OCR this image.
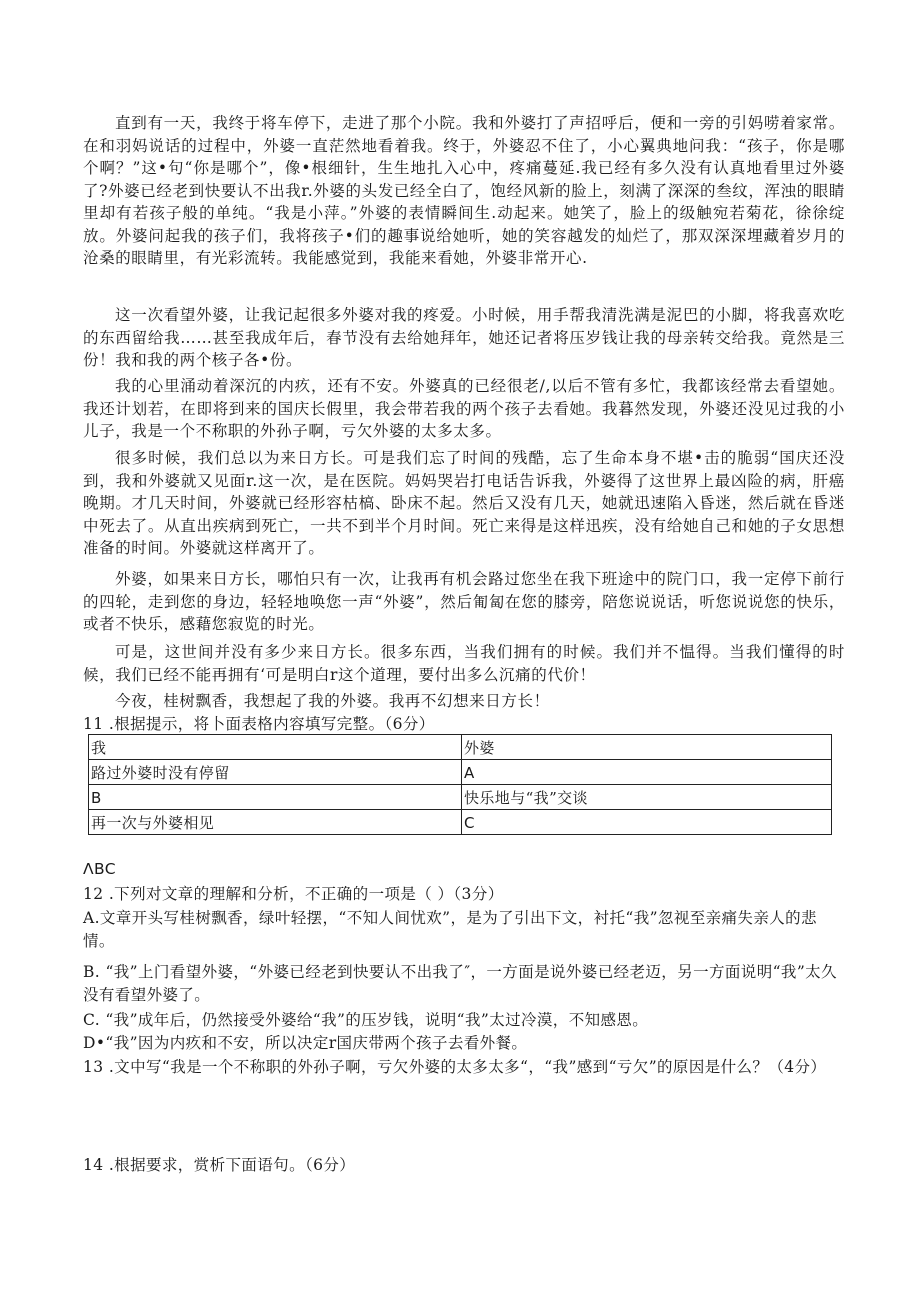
直到有一天，我终于将车停下，走进了那个小院。我和外婆打了声招呼后，便和一旁的引妈唠着家常。在和羽妈说话的过程中，外婆一直茫然地看着我。终于，外婆忍不住了，小心翼典地问我：“孩子，你是哪个啊？”这•句“你是哪个”，像•根细针，生生地扎入心中，疼痛蔓延.我已经有多久没有认真地看里过外婆了?外婆已经老到快要认不出我r.外婆的头发已经全白了，饱经风新的脸上，刻满了深深的叁纹，浑浊的眼睛里却有若孩子般的单纯。“我是小萍。”外婆的表情瞬间生.动起来。她笑了，脸上的级触宛若菊花，徐徐绽放。外婆问起我的孩子们，我将孩子•们的趣事说给她听，她的笑容越发的灿烂了，那双深深埋藏着岁月的沧桑的眼睛里，有光彩流转。我能感觉到，我能来看她，外婆非常开心.

这一次看望外婆，让我记起很多外婆对我的疼爱。小时候，用手帮我清洗满是泥巴的小脚，将我喜欢吃的东西留给我……甚至我成年后，春节没有去给她拜年，她还记者将压岁钱让我的母亲转交给我。竟然是三份！我和我的两个核子各•份。

我的心里涌动着深沉的内疚，还有不安。外婆真的已经很老/,以后不管有多忙，我都该经常去看望她。我还计划若，在即将到来的国庆长假里，我会带若我的两个孩子去看她。我暮然发现，外婆还没见过我的小儿子，我是一个不称职的外孙子啊，亏欠外婆的太多太多。

很多时候，我们总以为来日方长。可是我们忘了时间的残酷，忘了生命本身不堪•击的脆弱“国庆还没到，我和外婆就又见面r.这一次，是在医院。妈妈哭岩打电话告诉我，外婆得了这世界上最凶险的病，肝癌晚期。才几天时间，外婆就已经形容枯槁、卧床不起。然后又没有几天，她就迅速陷入昏迷，然后就在昏迷中死去了。从直出疾病到死亡，一共不到半个月时间。死亡来得是这样迅疾，没有给她自己和她的子女思想准备的时间。外婆就这样离开了。

外婆，如果来日方长，哪怕只有一次，让我再有机会路过您坐在我下班途中的院门口，我一定停下前行的四轮，走到您的身边，轻轻地唤您一声“外婆”，然后匍匐在您的膝旁，陪您说说话，听您说说您的快乐，或者不快乐，感藉您寂览的时光。

可是，这世间并没有多少来日方长。很多东西，当我们拥有的时候。我们并不愠得。当我们懂得的时候，我们已经不能再拥有‘可是明白r这个道理，要付出多么沉痛的代价！

今夜，桂树飘香，我想起了我的外婆。我再不幻想来日方长！

11 .根据提示，将卜面表格内容填写完整。（6分）

我	外婆
路过外婆时没有停留	A
B	快乐地与“我”交谈
再一次与外婆相见	C

ΛBC

12 .下列对文章的理解和分析，不正确的一项是（ ）（3分）

A.文章开头写桂树飘香，绿叶轻摆，“不知人间忧欢”，是为了引出下文，衬托“我”忽视至亲痛失亲人的悲情。

B. “我”上门看望外婆，“外婆已经老到快要认不出我了″，一方面是说外婆已经老迈，另一方面说明“我”太久没有看望外婆了。

C. “我”成年后，仍然接受外婆给“我”的压岁钱，说明“我”太过冷漠，不知感恩。

D•“我”因为内疚和不安，所以决定r国庆带两个孩子去看外餐。

13 .文中写“我是一个不称职的外孙子啊，亏欠外婆的太多太多“，“我”感到“亏欠”的原因是什么？（4分）

14 .根据要求，赏析下面语句。（6分）
